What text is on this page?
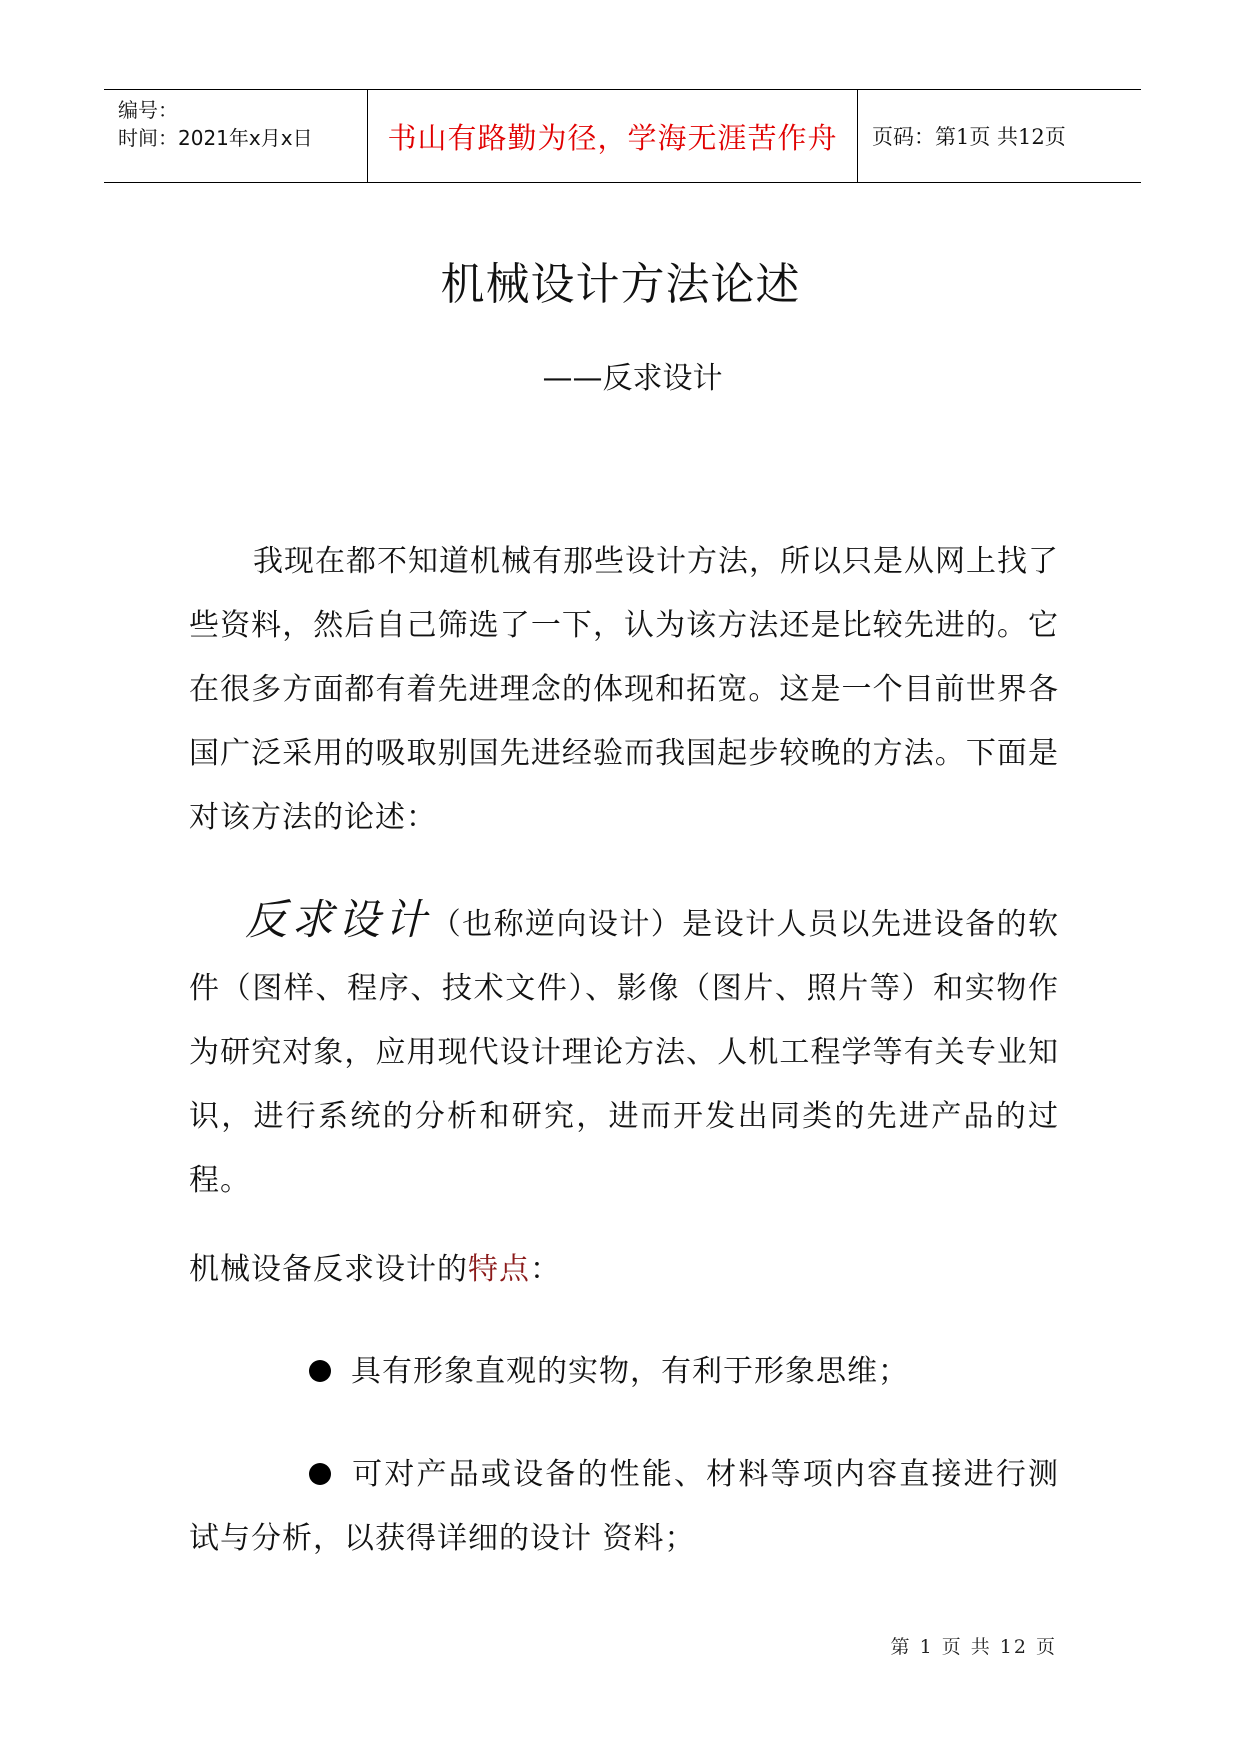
编号：
时间：2021年x月x日	书山有路勤为径，学海无涯苦作舟 页码：第1页 共12页
机械设计方法论述
——反求设计
我现在都不知道机械有那些设计方法，所以只是从网上找了些资料，然后自己筛选了一下，认为该方法还是比较先进的。它在很多方面都有着先进理念的体现和拓宽。这是一个目前世界各国广泛采用的吸取别国先进经验而我国起步较晚的方法。下面是对该方法的论述：
反求设计（也称逆向设计）是设计人员以先进设备的软件（图样、程序、技术文件）、影像（图片、照片等）和实物作为研究对象，应用现代设计理论方法、人机工程学等有关专业知识，进行系统的分析和研究，进而开发出同类的先进产品的过程。
机械设备反求设计的特点：
具有形象直观的实物，有利于形象思维；
可对产品或设备的性能、材料等项内容直接进行测试与分析，以获得详细的设计 资料；
第 1 页 共 12 页
